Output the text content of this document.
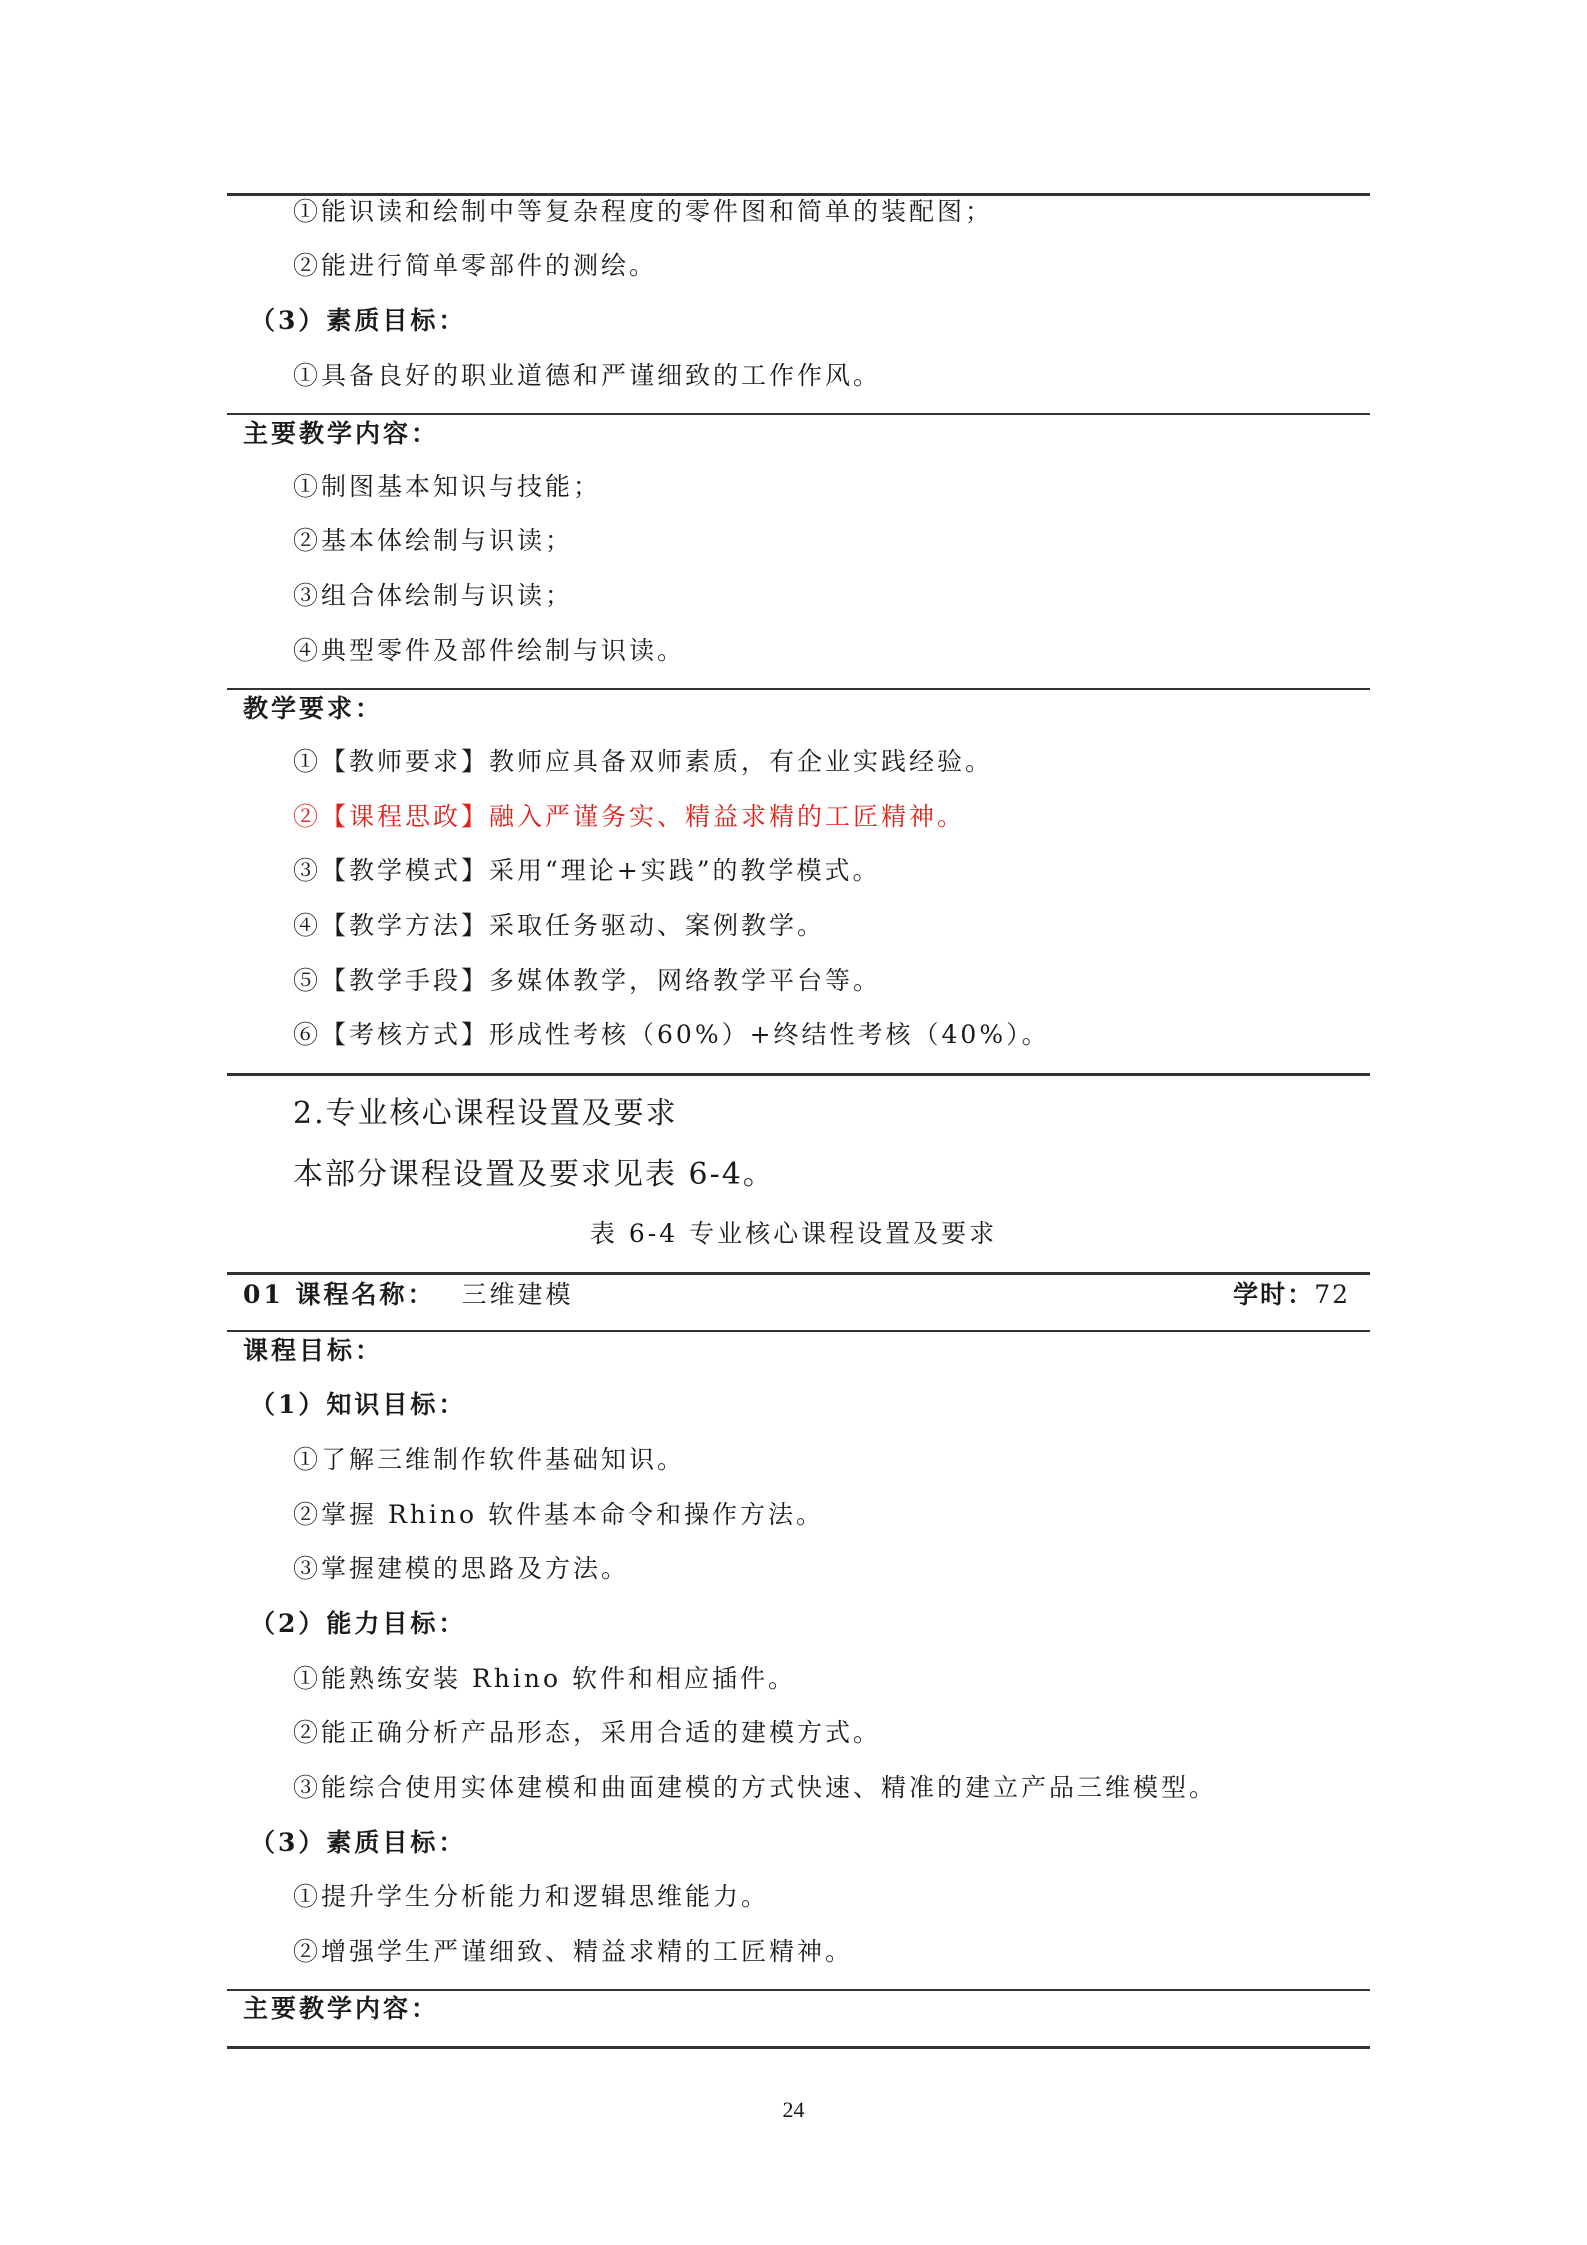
①能识读和绘制中等复杂程度的零件图和简单的装配图；
②能进行简单零部件的测绘。
（3）素质目标：
①具备良好的职业道德和严谨细致的工作作风。
主要教学内容：
①制图基本知识与技能；
②基本体绘制与识读；
③组合体绘制与识读；
④典型零件及部件绘制与识读。
教学要求：
①【教师要求】教师应具备双师素质，有企业实践经验。
②【课程思政】融入严谨务实、精益求精的工匠精神。
③【教学模式】采用“理论+实践”的教学模式。
④【教学方法】采取任务驱动、案例教学。
⑤【教学手段】多媒体教学，网络教学平台等。
⑥【考核方式】形成性考核（60%）+终结性考核（40%）。
2.专业核心课程设置及要求
本部分课程设置及要求见表 6-4。
表 6-4 专业核心课程设置及要求
01 课程名称： 三维建模	学时：72
课程目标：
（1）知识目标：
①了解三维制作软件基础知识。
②掌握 Rhino 软件基本命令和操作方法。
③掌握建模的思路及方法。
（2）能力目标：
①能熟练安装 Rhino 软件和相应插件。
②能正确分析产品形态，采用合适的建模方式。
③能综合使用实体建模和曲面建模的方式快速、精准的建立产品三维模型。
（3）素质目标：
①提升学生分析能力和逻辑思维能力。
②增强学生严谨细致、精益求精的工匠精神。
主要教学内容：
24
